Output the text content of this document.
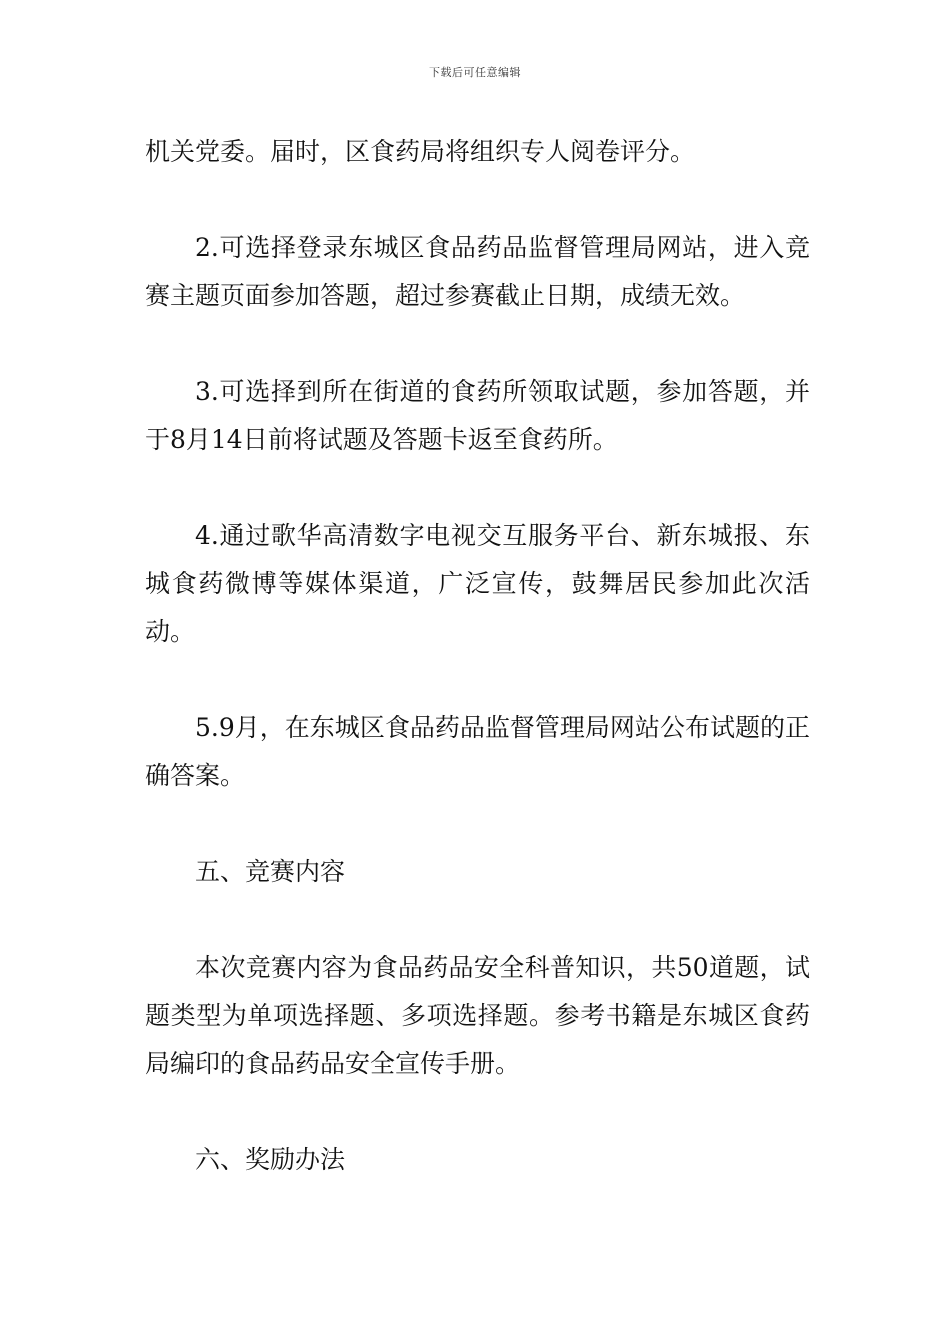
下载后可任意编辑

机关党委。届时，区食药局将组织专人阅卷评分。

2.可选择登录东城区食品药品监督管理局网站，进入竞赛主题页面参加答题，超过参赛截止日期，成绩无效。

3.可选择到所在街道的食药所领取试题，参加答题，并于8月14日前将试题及答题卡返至食药所。

4.通过歌华高清数字电视交互服务平台、新东城报、东城食药微博等媒体渠道，广泛宣传，鼓舞居民参加此次活动。

5.9月，在东城区食品药品监督管理局网站公布试题的正确答案。

五、竞赛内容

本次竞赛内容为食品药品安全科普知识，共50道题，试题类型为单项选择题、多项选择题。参考书籍是东城区食药局编印的食品药品安全宣传手册。

六、奖励办法
